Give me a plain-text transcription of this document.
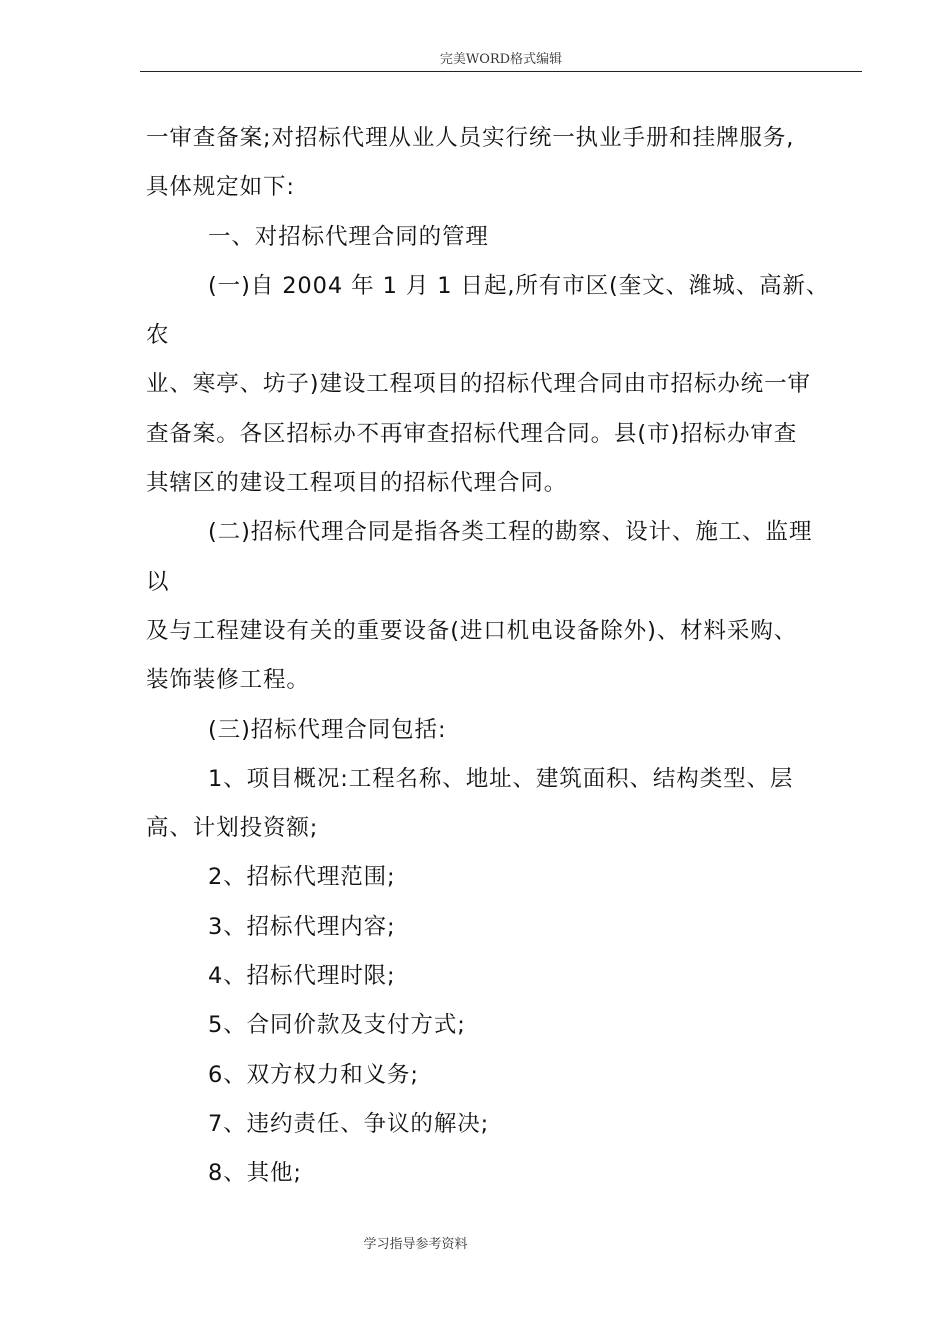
完美WORD格式编辑
一审查备案;对招标代理从业人员实行统一执业手册和挂牌服务,
具体规定如下:
一、对招标代理合同的管理
(一)自 2004 年 1 月 1 日起,所有市区(奎文、潍城、高新、
农
业、寒亭、坊子)建设工程项目的招标代理合同由市招标办统一审
查备案。各区招标办不再审查招标代理合同。县(市)招标办审查
其辖区的建设工程项目的招标代理合同。
(二)招标代理合同是指各类工程的勘察、设计、施工、监理
以
及与工程建设有关的重要设备(进口机电设备除外)、材料采购、
装饰装修工程。
(三)招标代理合同包括:
1、项目概况:工程名称、地址、建筑面积、结构类型、层
高、计划投资额;
2、招标代理范围;
3、招标代理内容;
4、招标代理时限;
5、合同价款及支付方式;
6、双方权力和义务;
7、违约责任、争议的解决;
8、其他;
学习指导参考资料
